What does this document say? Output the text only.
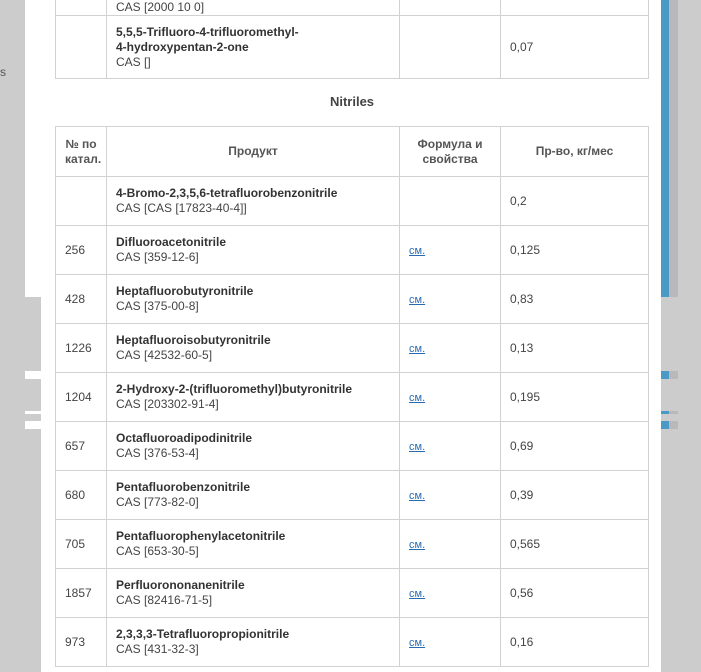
s

	CAS [2000 10 0]		

	5,5,5-Trifluoro-4-trifluoromethyl-
4-hydroxypentan-2-one
CAS []		0,07
Nitriles
№ по катал.	Продукт	Формула и свойства	Пр-во, кг/мес

	4-Bromo-2,3,5,6-tetrafluorobenzonitrile
CAS [CAS [17823-40-4]]		0,2
256	Difluoroacetonitrile
CAS [359-12-6]	см.	0,125
428	Heptafluorobutyronitrile
CAS [375-00-8]	см.	0,83
1226	Heptafluoroisobutyronitrile
CAS [42532-60-5]	см.	0,13
1204	2-Hydroxy-2-(trifluoromethyl)butyronitrile
CAS [203302-91-4]	см.	0,195
657	Octafluoroadipodinitrile
CAS [376-53-4]	см.	0,69
680	Pentafluorobenzonitrile
CAS [773-82-0]	см.	0,39
705	Pentafluorophenylacetonitrile
CAS [653-30-5]	см.	0,565
1857	Perfluorononanenitrile
CAS [82416-71-5]	см.	0,56
973	2,3,3,3-Tetrafluoropropionitrile
CAS [431-32-3]	см.	0,16
